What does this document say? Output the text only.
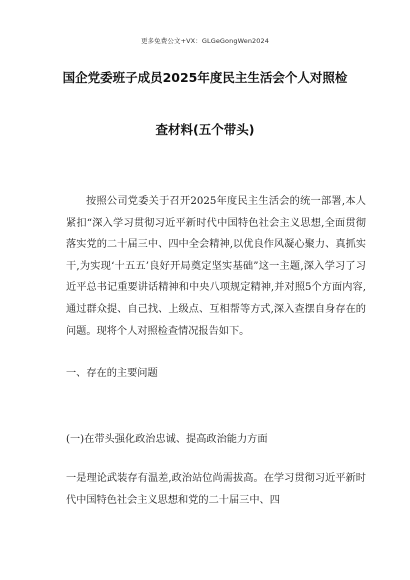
更多免费公文+VX：GLGeGongWen2024
国企党委班子成员2025年度民主生活会个人对照检
查材料(五个带头)
按照公司党委关于召开2025年度民主生活会的统一部署,本人紧扣“深入学习贯彻习近平新时代中国特色社会主义思想,全面贯彻落实党的二十届三中、四中全会精神,以优良作风凝心聚力、真抓实干,为实现‘十五五’良好开局奠定坚实基础”这一主题,深入学习了习近平总书记重要讲话精神和中央八项规定精神,并对照5个方面内容,通过群众提、自己找、上级点、互相帮等方式,深入查摆自身存在的问题。现将个人对照检查情况报告如下。
一、存在的主要问题
(一)在带头强化政治忠诚、提高政治能力方面
一是理论武装存有温差,政治站位尚需拔高。在学习贯彻习近平新时代中国特色社会主义思想和党的二十届三中、四
